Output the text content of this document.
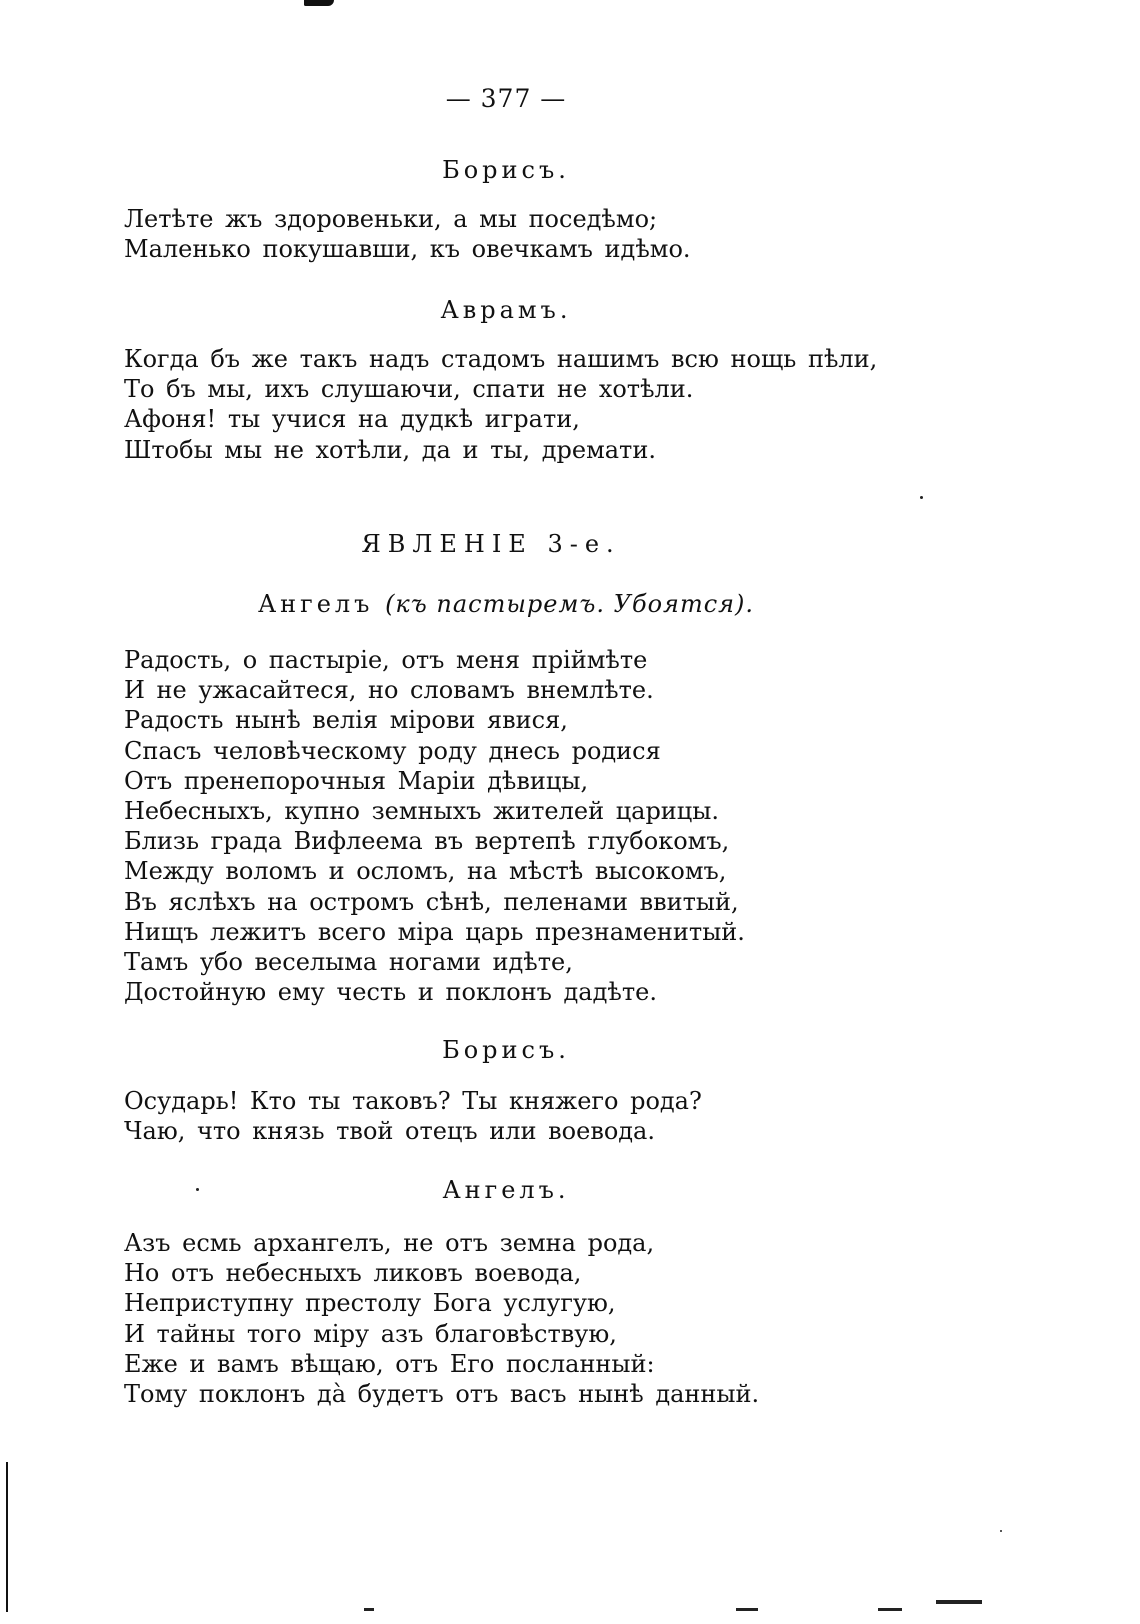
— 377 —
Борисъ.
Летѣте жъ здоровеньки, а мы поседѣмо;
Маленько покушавши, къ овечкамъ идѣмо.
Аврамъ.
Когда бъ же такъ надъ стадомъ нашимъ всю нощь пѣли,
То бъ мы, ихъ слушаючи, спати не хотѣли.
Афоня! ты учися на дудкѣ играти,
Штобы мы не хотѣли, да и ты, дремати.
ЯВЛЕНІЕ 3-е.
Ангелъ (къ пастыремъ. Убоятся).
Радость, о пастыріе, отъ меня пріймѣте
И не ужасайтеся, но словамъ внемлѣте.
Радость нынѣ велія мірови явися,
Спасъ человѣческому роду днесь родися
Отъ пренепорочныя Маріи дѣвицы,
Небесныхъ, купно земныхъ жителей царицы.
Близь града Вифлеема въ вертепѣ глубокомъ,
Между воломъ и осломъ, на мѣстѣ высокомъ,
Въ яслѣхъ на остромъ сѣнѣ, пеленами ввитый,
Нищъ лежитъ всего міра царь презнаменитый.
Тамъ убо веселыма ногами идѣте,
Достойную ему честь и поклонъ дадѣте.
Борисъ.
Осударь! Кто ты таковъ? Ты княжего рода?
Чаю, что князь твой отецъ или воевода.
Ангелъ.
Азъ есмь архангелъ, не отъ земна рода,
Но отъ небесныхъ ликовъ воевода,
Неприступну престолу Бога услугую,
И тайны того міру азъ благовѣствую,
Еже и вамъ вѣщаю, отъ Его посланный:
Тому поклонъ да̀ будетъ отъ васъ нынѣ данный.
